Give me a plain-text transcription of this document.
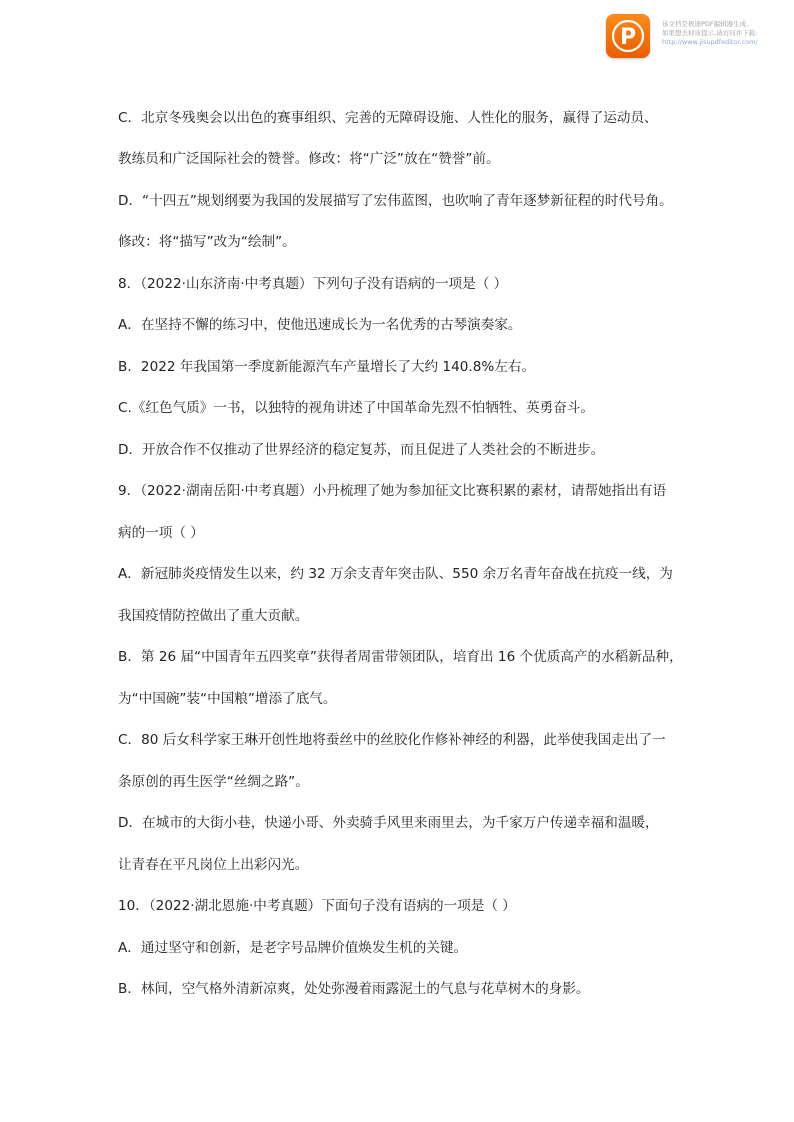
P
该文档是极速PDF编辑器生成,
如果想去掉该提示,请访问并下载:
http://www.jisupdfeditor.com/
C．北京冬残奥会以出色的赛事组织、完善的无障碍设施、人性化的服务，赢得了运动员、
教练员和广泛国际社会的赞誉。修改：将“广泛”放在“赞誉”前。
D．“十四五”规划纲要为我国的发展描写了宏伟蓝图，也吹响了青年逐梦新征程的时代号角。
修改：将“描写”改为“绘制”。
8．（2022·山东济南·中考真题）下列句子没有语病的一项是（ ）
A．在坚持不懈的练习中，使他迅速成长为一名优秀的古琴演奏家。
B．2022 年我国第一季度新能源汽车产量增长了大约 140.8%左右。
C.《红色气质》一书，以独特的视角讲述了中国革命先烈不怕牺牲、英勇奋斗。
D．开放合作不仅推动了世界经济的稳定复苏，而且促进了人类社会的不断进步。
9．（2022·湖南岳阳·中考真题）小丹梳理了她为参加征文比赛积累的素材，请帮她指出有语
病的一项（ ）
A．新冠肺炎疫情发生以来，约 32 万余支青年突击队、550 余万名青年奋战在抗疫一线，为
我国疫情防控做出了重大贡献。
B．第 26 届“中国青年五四奖章”获得者周雷带领团队，培育出 16 个优质高产的水稻新品种，
为“中国碗”装“中国粮”增添了底气。
C．80 后女科学家王琳开创性地将蚕丝中的丝胶化作修补神经的利器，此举使我国走出了一
条原创的再生医学“丝绸之路”。
D．在城市的大街小巷，快递小哥、外卖骑手风里来雨里去，为千家万户传递幸福和温暖，
让青春在平凡岗位上出彩闪光。
10．（2022·湖北恩施·中考真题）下面句子没有语病的一项是（ ）
A．通过坚守和创新，是老字号品牌价值焕发生机的关键。
B．林间，空气格外清新凉爽，处处弥漫着雨露泥土的气息与花草树木的身影。
